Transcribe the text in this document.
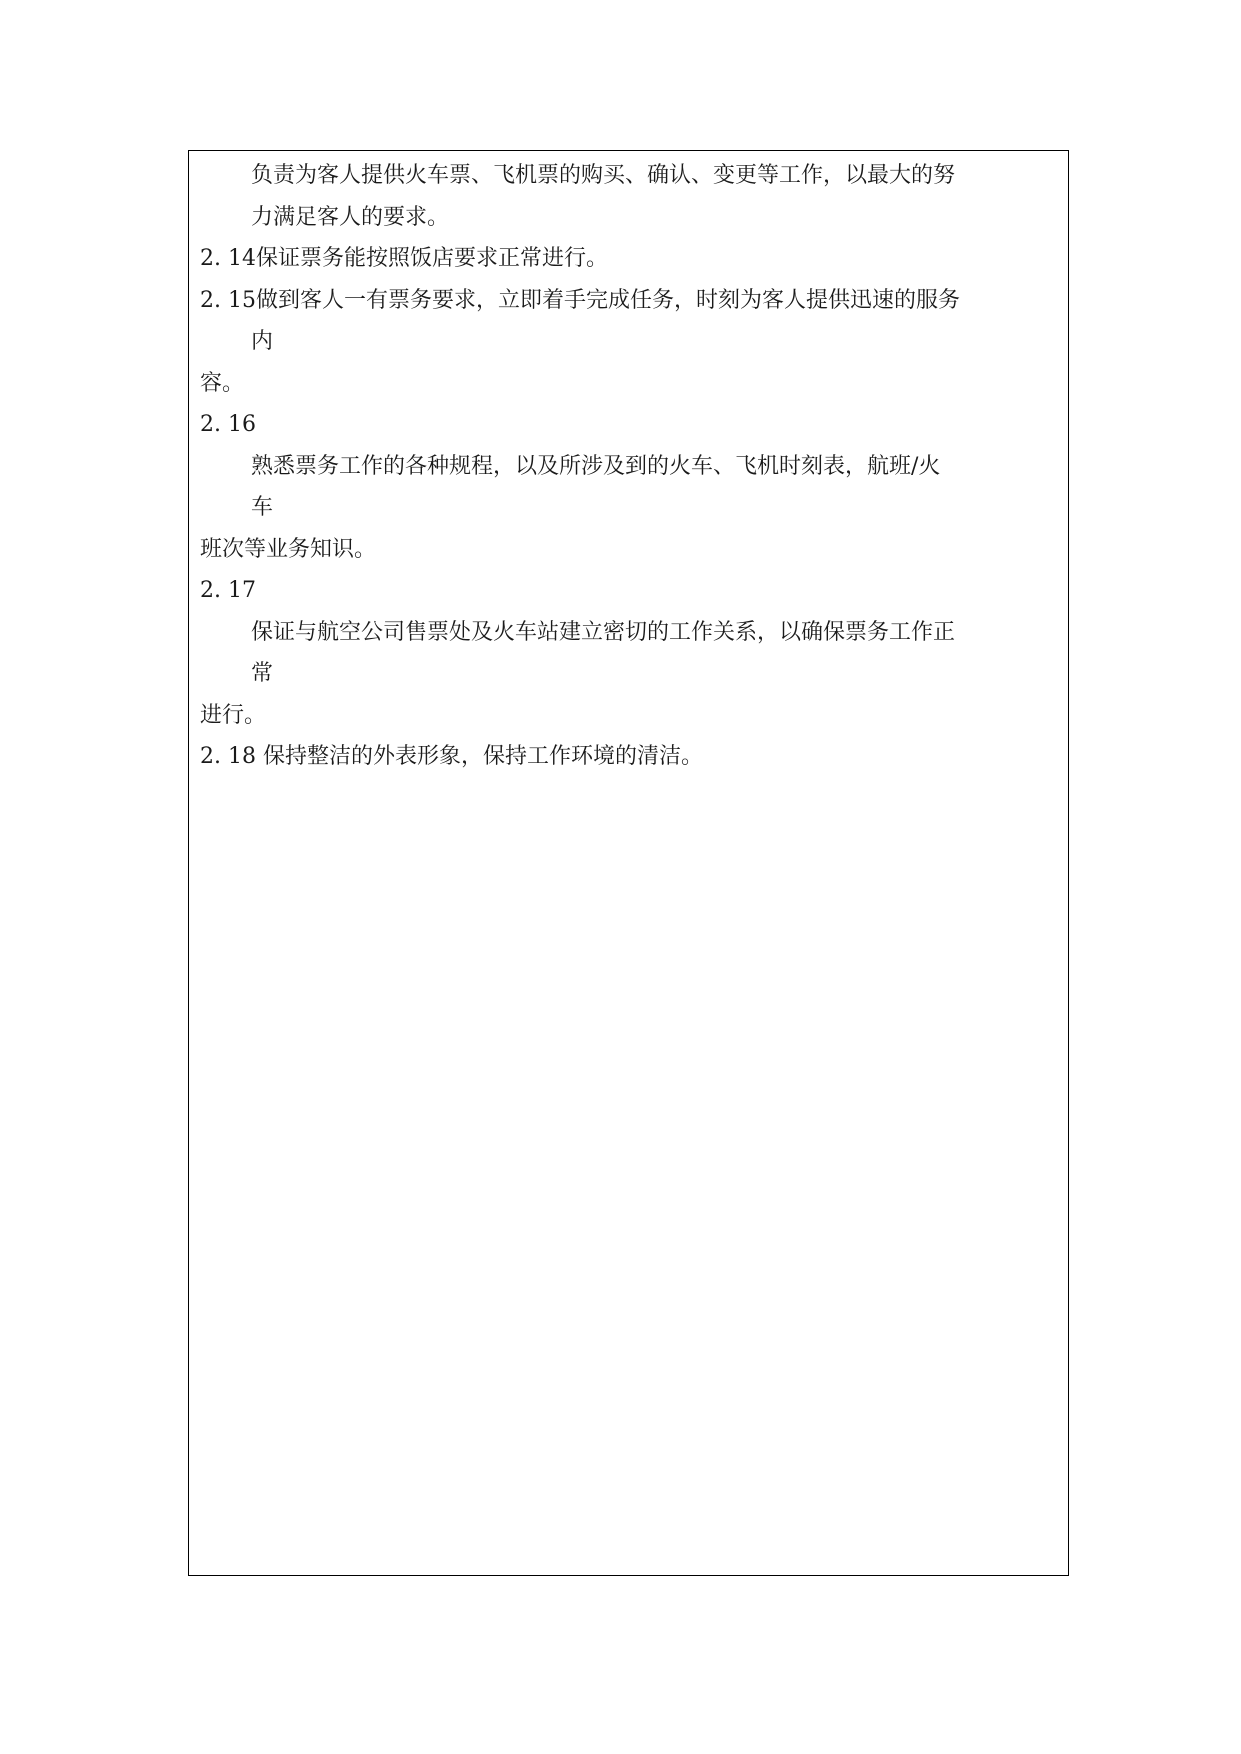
负责为客人提供火车票、飞机票的购买、确认、变更等工作，以最大的努

力满足客人的要求。

2. 14保证票务能按照饭店要求正常进行。

2. 15做到客人一有票务要求，立即着手完成任务，时刻为客人提供迅速的服务

内

容。

2. 16

熟悉票务工作的各种规程，以及所涉及到的火车、飞机时刻表，航班/火

车

班次等业务知识。

2. 17

保证与航空公司售票处及火车站建立密切的工作关系，以确保票务工作正

常

进行。

2. 18 保持整洁的外表形象，保持工作环境的清洁。
